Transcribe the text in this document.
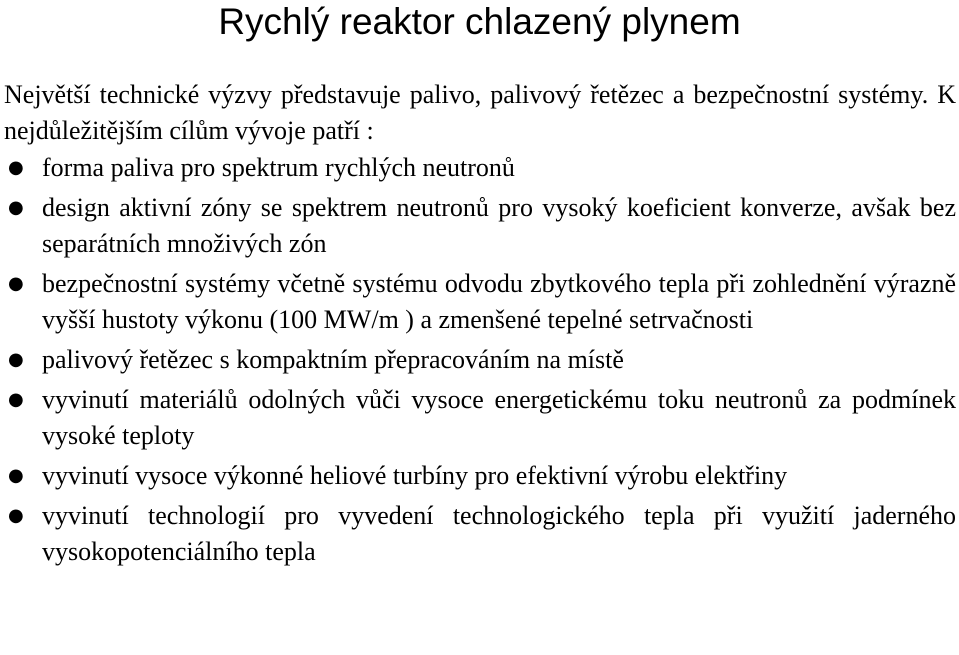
Rychlý reaktor chlazený plynem

Největší technické výzvy představuje palivo, palivový řetězec a bezpečnostní systémy. K nejdůležitějším cílům vývoje patří :

● forma paliva pro spektrum rychlých neutronů
● design aktivní zóny se spektrem neutronů pro vysoký koeficient konverze, avšak bez separátních množivých zón
● bezpečnostní systémy včetně systému odvodu zbytkového tepla při zohlednění výrazně vyšší hustoty výkonu (100 MW/m ) a zmenšené tepelné setrvačnosti
● palivový řetězec s kompaktním přepracováním na místě
● vyvinutí materiálů odolných vůči vysoce energetickému toku neutronů za podmínek vysoké teploty
● vyvinutí vysoce výkonné heliové turbíny pro efektivní výrobu elektřiny
● vyvinutí technologií pro vyvedení technologického tepla při využití jaderného vysokopotenciálního tepla
